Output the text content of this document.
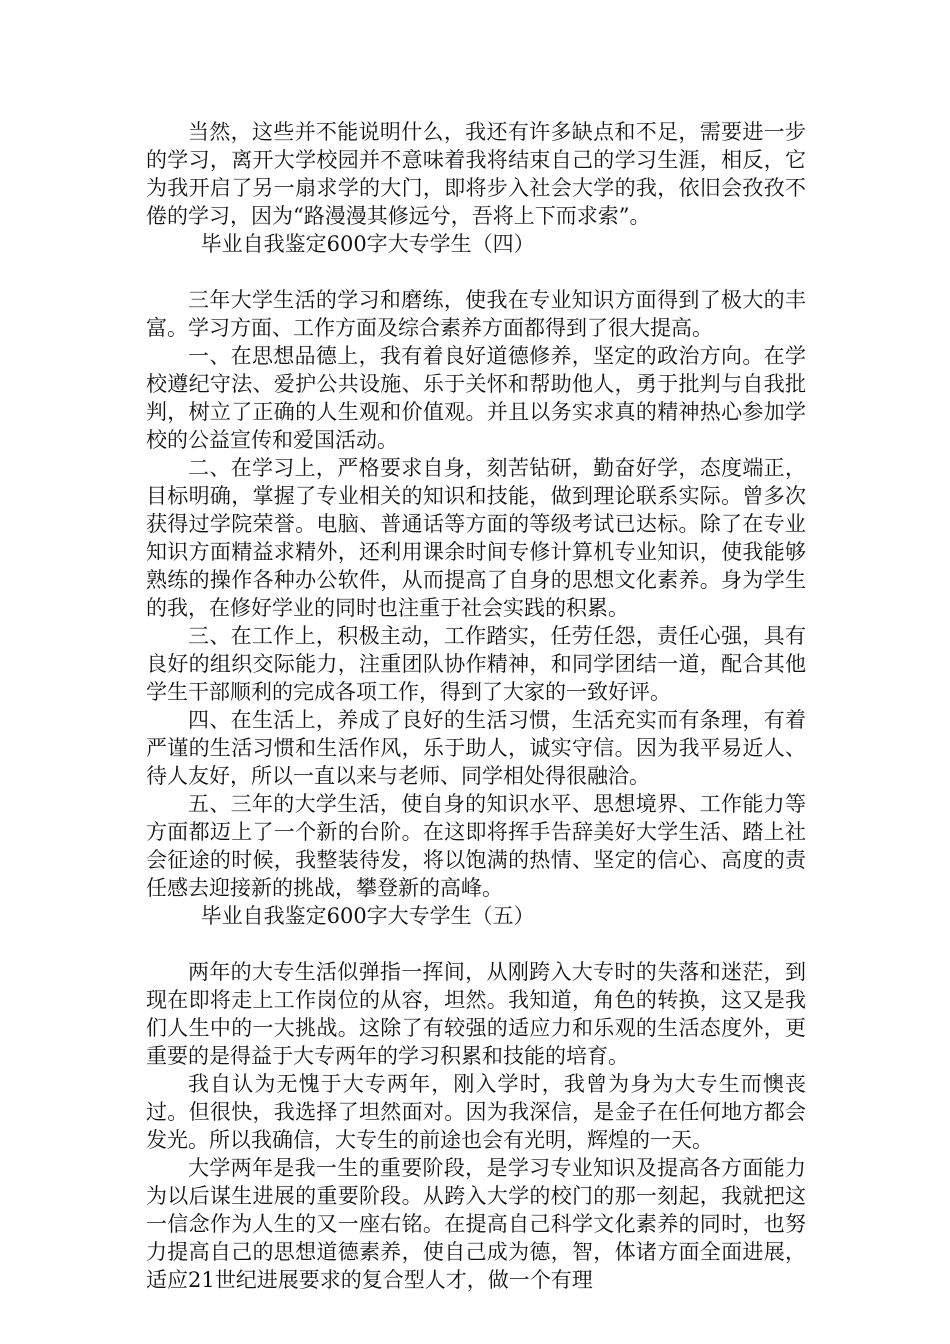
当然，这些并不能说明什么，我还有许多缺点和不足，需要进一步的学习，离开大学校园并不意味着我将结束自己的学习生涯，相反，它为我开启了另一扇求学的大门，即将步入社会大学的我，依旧会孜孜不倦的学习，因为“路漫漫其修远兮，吾将上下而求索”。

毕业自我鉴定600字大专学生（四）

三年大学生活的学习和磨练，使我在专业知识方面得到了极大的丰富。学习方面、工作方面及综合素养方面都得到了很大提高。

一、在思想品德上，我有着良好道德修养，坚定的政治方向。在学校遵纪守法、爱护公共设施、乐于关怀和帮助他人，勇于批判与自我批判，树立了正确的人生观和价值观。并且以务实求真的精神热心参加学校的公益宣传和爱国活动。

二、在学习上，严格要求自身，刻苦钻研，勤奋好学，态度端正，目标明确，掌握了专业相关的知识和技能，做到理论联系实际。曾多次获得过学院荣誉。电脑、普通话等方面的等级考试已达标。除了在专业知识方面精益求精外，还利用课余时间专修计算机专业知识，使我能够熟练的操作各种办公软件，从而提高了自身的思想文化素养。身为学生的我，在修好学业的同时也注重于社会实践的积累。

三、在工作上，积极主动，工作踏实，任劳任怨，责任心强，具有良好的组织交际能力，注重团队协作精神，和同学团结一道，配合其他学生干部顺利的完成各项工作，得到了大家的一致好评。

四、在生活上，养成了良好的生活习惯，生活充实而有条理，有着严谨的生活习惯和生活作风，乐于助人，诚实守信。因为我平易近人、待人友好，所以一直以来与老师、同学相处得很融洽。

五、三年的大学生活，使自身的知识水平、思想境界、工作能力等方面都迈上了一个新的台阶。在这即将挥手告辞美好大学生活、踏上社会征途的时候，我整装待发，将以饱满的热情、坚定的信心、高度的责任感去迎接新的挑战，攀登新的高峰。

毕业自我鉴定600字大专学生（五）

两年的大专生活似弹指一挥间，从刚跨入大专时的失落和迷茫，到现在即将走上工作岗位的从容，坦然。我知道，角色的转换，这又是我们人生中的一大挑战。这除了有较强的适应力和乐观的生活态度外，更重要的是得益于大专两年的学习积累和技能的培育。

我自认为无愧于大专两年，刚入学时，我曾为身为大专生而懊丧过。但很快，我选择了坦然面对。因为我深信，是金子在任何地方都会发光。所以我确信，大专生的前途也会有光明，辉煌的一天。

大学两年是我一生的重要阶段，是学习专业知识及提高各方面能力为以后谋生进展的重要阶段。从跨入大学的校门的那一刻起，我就把这一信念作为人生的又一座右铭。在提高自己科学文化素养的同时，也努力提高自己的思想道德素养，使自己成为德，智，体诸方面全面进展，适应21世纪进展要求的复合型人才，做一个有理
